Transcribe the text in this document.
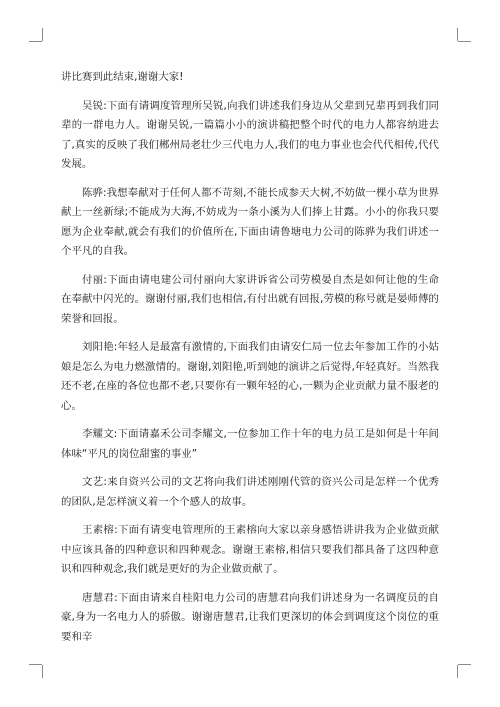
讲比赛到此结束,谢谢大家!

吴锐:下面有请调度管理所吴锐,向我们讲述我们身边从父辈到兄辈再到我们同辈的一群电力人。谢谢吴锐,一篇篇小小的演讲稿把整个时代的电力人都容纳进去了,真实的反映了我们郴州局老壮少三代电力人,我们的电力事业也会代代相传,代代发展。

陈骅:我想奉献对于任何人都不苛刻,不能长成参天大树,不妨做一棵小草为世界献上一丝新绿;不能成为大海,不妨成为一条小溪为人们捧上甘露。小小的你我只要愿为企业奉献,就会有我们的价值所在,下面由请鲁塘电力公司的陈骅为我们讲述一个平凡的自我。

付丽:下面由请电建公司付丽向大家讲诉省公司劳模晏自杰是如何让他的生命在奉献中闪光的。谢谢付丽,我们也相信,有付出就有回报,劳模的称号就是晏师傅的荣誉和回报。

刘阳艳:年轻人是最富有激情的,下面我们由请安仁局一位去年参加工作的小姑娘是怎么为电力燃激情的。谢谢,刘阳艳,听到她的演讲之后觉得,年轻真好。当然我还不老,在座的各位也都不老,只要你有一颗年轻的心,一颗为企业贡献力量不服老的心。

李耀文:下面请嘉禾公司李耀文,一位参加工作十年的电力员工是如何是十年间体味“平凡的岗位甜蜜的事业”

文艺:来自资兴公司的文艺将向我们讲述刚刚代管的资兴公司是怎样一个优秀的团队,是怎样演义着一个个感人的故事。

王素榕:下面有请变电管理所的王素榕向大家以亲身感悟讲讲我为企业做贡献中应该具备的四种意识和四种观念。谢谢王素榕,相信只要我们都具备了这四种意识和四种观念,我们就是更好的为企业做贡献了。

唐慧君:下面由请来自桂阳电力公司的唐慧君向我们讲述身为一名调度员的自豪,身为一名电力人的骄傲。谢谢唐慧君,让我们更深切的体会到调度这个岗位的重要和辛
